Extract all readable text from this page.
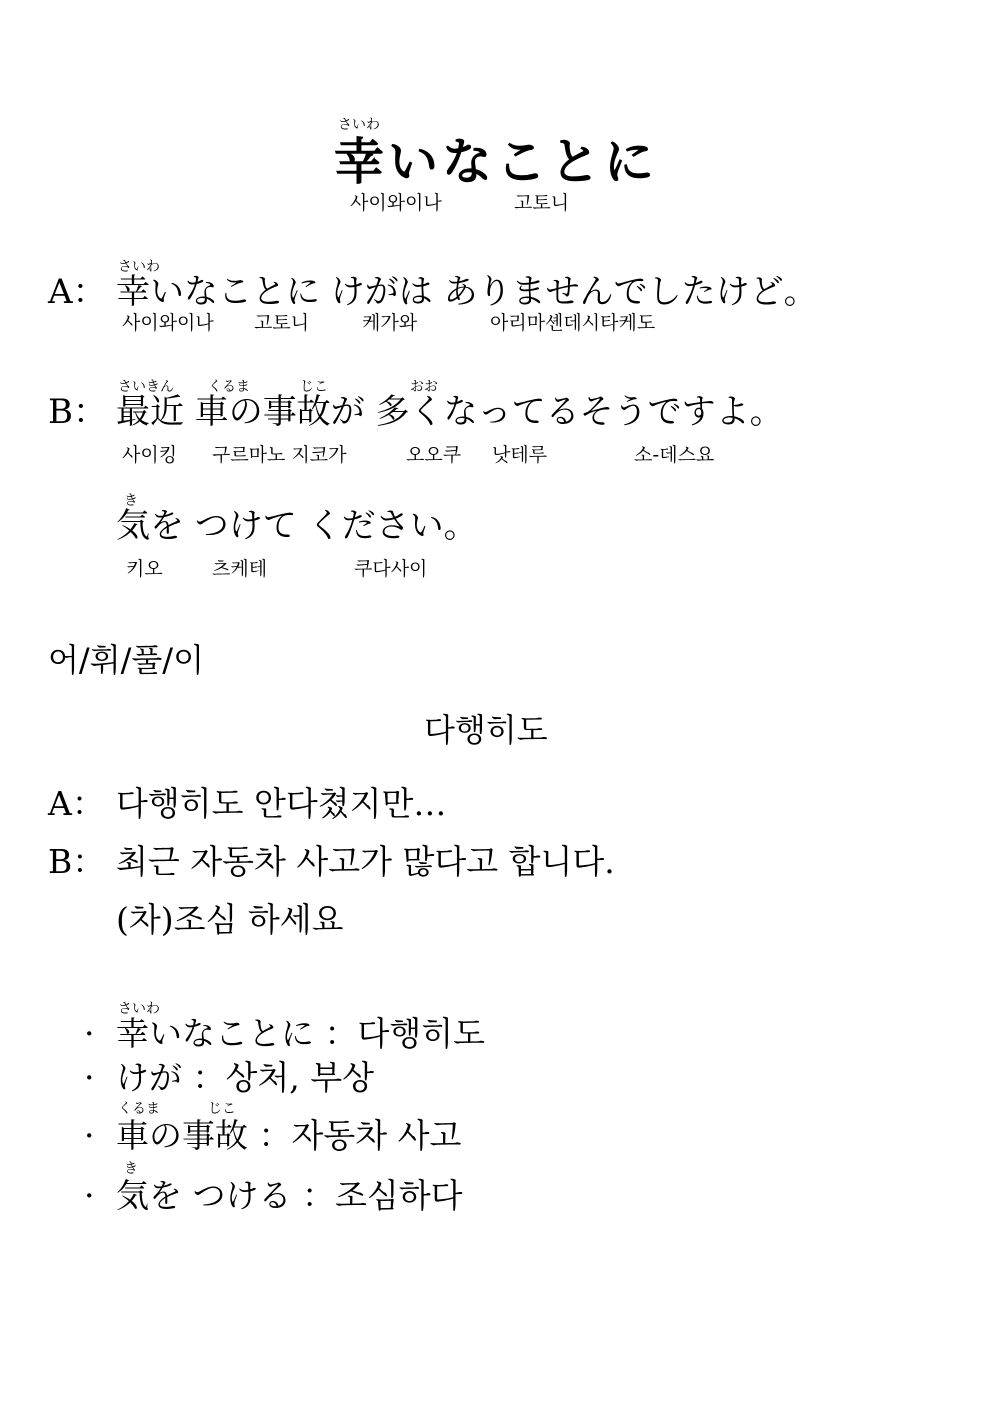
さいわ
幸いなことに
사이와이나	고토니
さいわ
A： 幸いなことに けがは ありませんでしたけど。
사이와이나 고토니	케가와	아리마셴데시타케도
さいきん くるま	じこ	おお
B： 最近 車の事故が 多くなってるそうですよ。
사이킹 구르마노 지코가	오오쿠 낫테루	소-데스요
き
気を つけて ください。
키오	츠케테	쿠다사이
어/휘/풀/이
다행히도
A： 다행히도 안다쳤지만…
B： 최근 자동차 사고가 많다고 합니다.
(차)조심 하세요
さいわ
· 幸いなことに ：다행히도
· けが ：상처, 부상
くるま	じこ
· 車の事故 ：자동차 사고
き
· 気を つける ：조심하다
